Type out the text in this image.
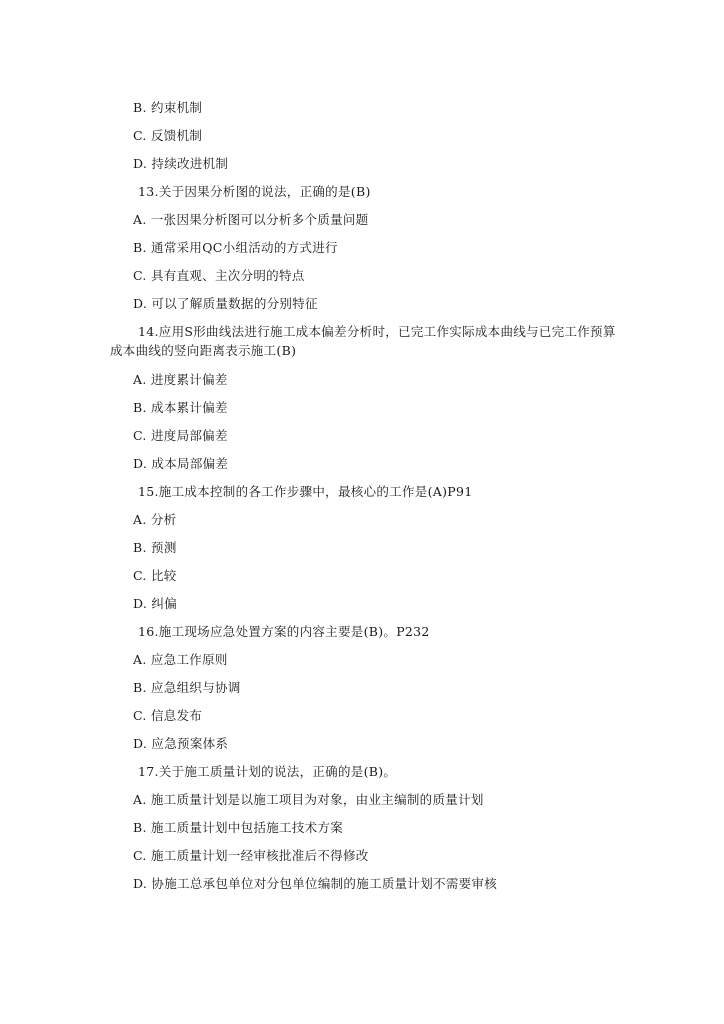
B. 约束机制
C. 反馈机制
D. 持续改进机制
13.关于因果分析图的说法，正确的是(B)
A. 一张因果分析图可以分析多个质量问题
B. 通常采用QC小组活动的方式进行
C. 具有直观、主次分明的特点
D. 可以了解质量数据的分别特征
14.应用S形曲线法进行施工成本偏差分析时，已完工作实际成本曲线与已完工作预算
成本曲线的竖向距离表示施工(B)
A. 进度累计偏差
B. 成本累计偏差
C. 进度局部偏差
D. 成本局部偏差
15.施工成本控制的各工作步骤中，最核心的工作是(A)P91
A. 分析
B. 预测
C. 比较
D. 纠偏
16.施工现场应急处置方案的内容主要是(B)。P232
A. 应急工作原则
B. 应急组织与协调
C. 信息发布
D. 应急预案体系
17.关于施工质量计划的说法，正确的是(B)。
A. 施工质量计划是以施工项目为对象，由业主编制的质量计划
B. 施工质量计划中包括施工技术方案
C. 施工质量计划一经审核批准后不得修改
D. 协施工总承包单位对分包单位编制的施工质量计划不需要审核
